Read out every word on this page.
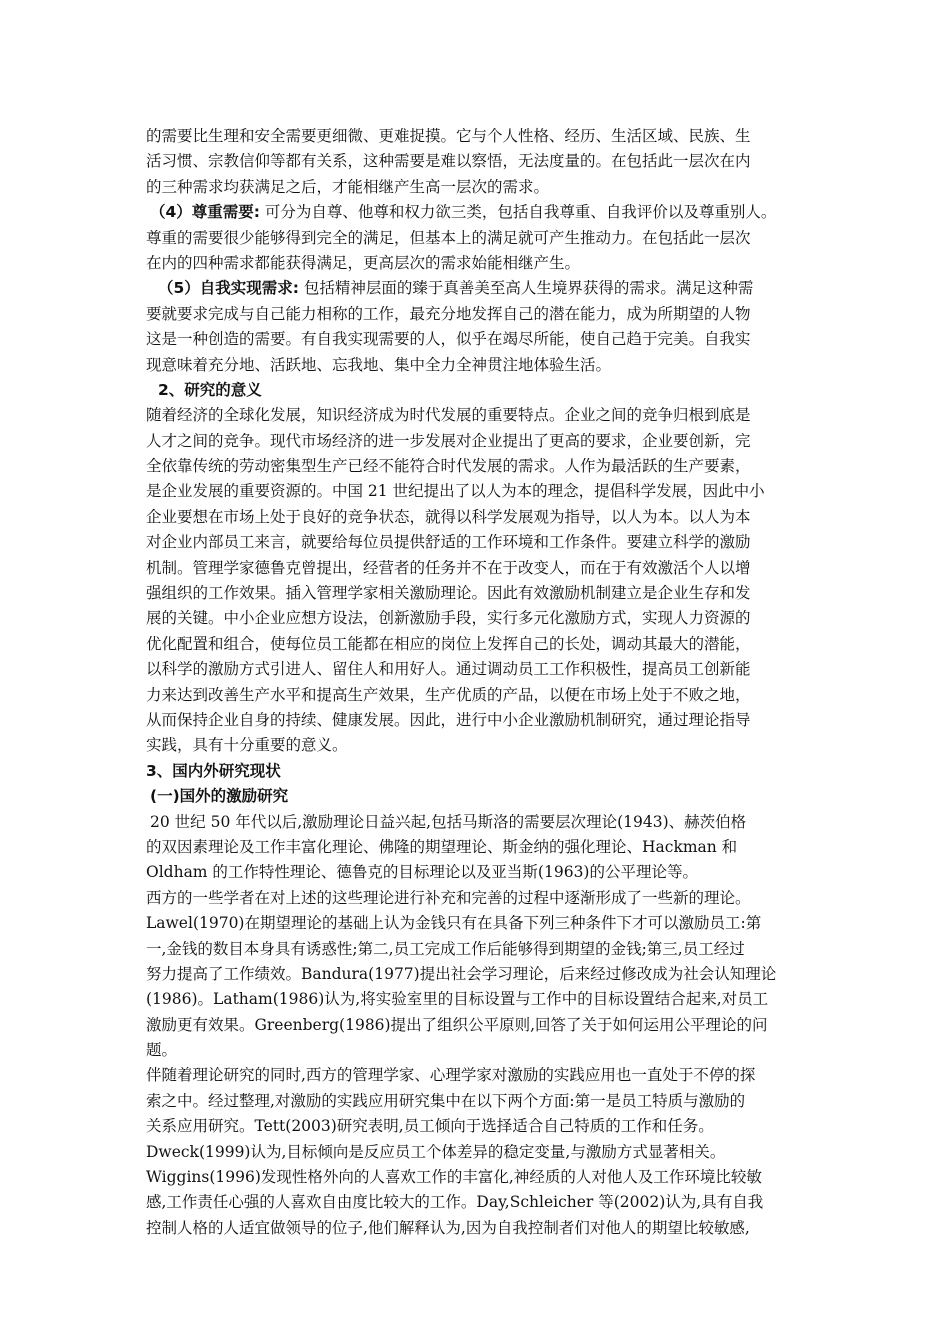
的需要比生理和安全需要更细微、更难捉摸。它与个人性格、经历、生活区域、民族、生
活习惯、宗教信仰等都有关系，这种需要是难以察悟，无法度量的。在包括此一层次在内
的三种需求均获满足之后，才能相继产生高一层次的需求。
（4）尊重需要: 可分为自尊、他尊和权力欲三类，包括自我尊重、自我评价以及尊重别人。
尊重的需要很少能够得到完全的满足，但基本上的满足就可产生推动力。在包括此一层次
在内的四种需求都能获得满足，更高层次的需求始能相继产生。
（5）自我实现需求: 包括精神层面的臻于真善美至高人生境界获得的需求。满足这种需
要就要求完成与自己能力相称的工作，最充分地发挥自己的潜在能力，成为所期望的人物
这是一种创造的需要。有自我实现需要的人，似乎在竭尽所能，使自己趋于完美。自我实
现意味着充分地、活跃地、忘我地、集中全力全神贯注地体验生活。
2、研究的意义
随着经济的全球化发展，知识经济成为时代发展的重要特点。企业之间的竞争归根到底是
人才之间的竞争。现代市场经济的进一步发展对企业提出了更高的要求，企业要创新，完
全依靠传统的劳动密集型生产已经不能符合时代发展的需求。人作为最活跃的生产要素，
是企业发展的重要资源的。中国 21 世纪提出了以人为本的理念，提倡科学发展，因此中小
企业要想在市场上处于良好的竞争状态，就得以科学发展观为指导，以人为本。以人为本
对企业内部员工来言，就要给每位员提供舒适的工作环境和工作条件。要建立科学的激励
机制。管理学家德鲁克曾提出，经营者的任务并不在于改变人，而在于有效激活个人以增
强组织的工作效果。插入管理学家相关激励理论。因此有效激励机制建立是企业生存和发
展的关键。中小企业应想方设法，创新激励手段，实行多元化激励方式，实现人力资源的
优化配置和组合，使每位员工能都在相应的岗位上发挥自己的长处，调动其最大的潜能，
以科学的激励方式引进人、留住人和用好人。通过调动员工工作积极性，提高员工创新能
力来达到改善生产水平和提高生产效果，生产优质的产品，以便在市场上处于不败之地，
从而保持企业自身的持续、健康发展。因此，进行中小企业激励机制研究，通过理论指导
实践，具有十分重要的意义。
3、国内外研究现状
(一)国外的激励研究
20 世纪 50 年代以后,激励理论日益兴起,包括马斯洛的需要层次理论(1943)、赫茨伯格
的双因素理论及工作丰富化理论、佛隆的期望理论、斯金纳的强化理论、Hackman 和
Oldham 的工作特性理论、德鲁克的目标理论以及亚当斯(1963)的公平理论等。
西方的一些学者在对上述的这些理论进行补充和完善的过程中逐渐形成了一些新的理论。
Lawel(1970)在期望理论的基础上认为金钱只有在具备下列三种条件下才可以激励员工:第
一,金钱的数目本身具有诱惑性;第二,员工完成工作后能够得到期望的金钱;第三,员工经过
努力提高了工作绩效。Bandura(1977)提出社会学习理论，后来经过修改成为社会认知理论
(1986)。Latham(1986)认为,将实验室里的目标设置与工作中的目标设置结合起来,对员工
激励更有效果。Greenberg(1986)提出了组织公平原则,回答了关于如何运用公平理论的问
题。
伴随着理论研究的同时,西方的管理学家、心理学家对激励的实践应用也一直处于不停的探
索之中。经过整理,对激励的实践应用研究集中在以下两个方面:第一是员工特质与激励的
关系应用研究。Tett(2003)研究表明,员工倾向于选择适合自己特质的工作和任务。
Dweck(1999)认为,目标倾向是反应员工个体差异的稳定变量,与激励方式显著相关。
Wiggins(1996)发现性格外向的人喜欢工作的丰富化,神经质的人对他人及工作环境比较敏
感,工作责任心强的人喜欢自由度比较大的工作。Day,Schleicher 等(2002)认为,具有自我
控制人格的人适宜做领导的位子,他们解释认为,因为自我控制者们对他人的期望比较敏感,
